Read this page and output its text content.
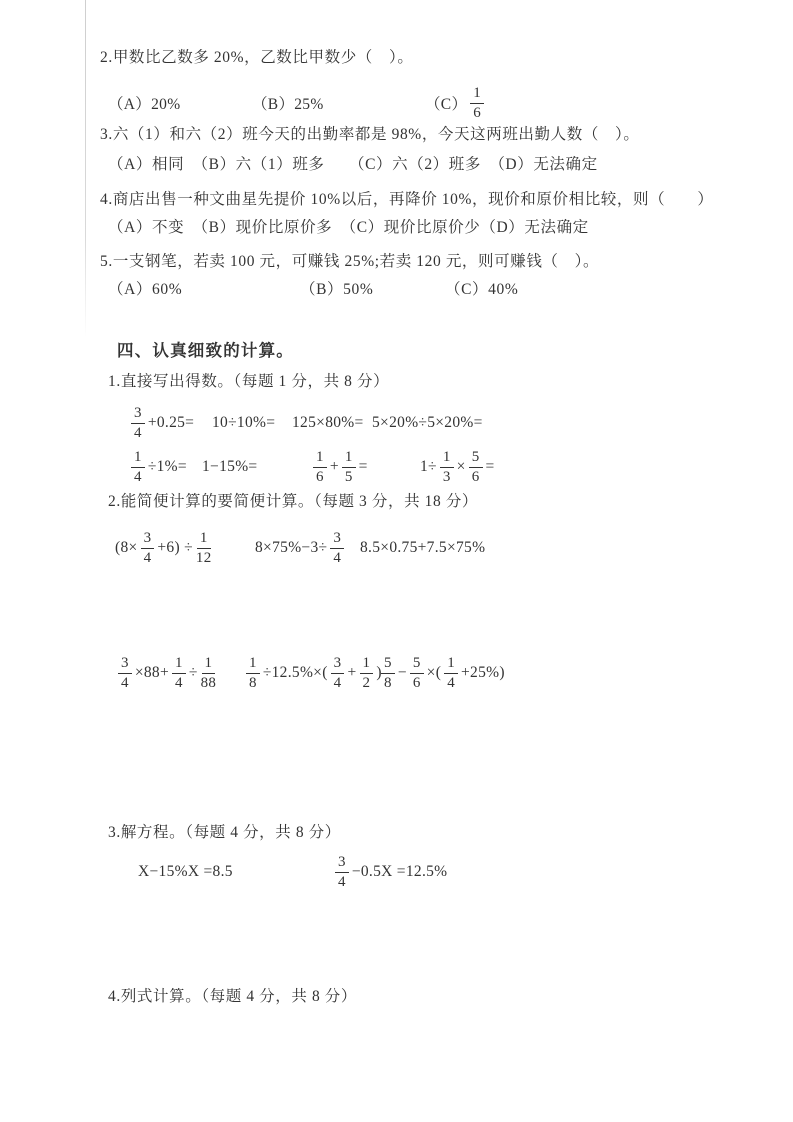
2.甲数比乙数多 20%，乙数比甲数少（　）。
（A）20%	（B）25%	$(C) \frac{1}{6}$
3.六（1）和六（2）班今天的出勤率都是 98%，今天这两班出勤人数（　）。
（A）相同　（B）六（1）班多　　（C）六（2）班多　（D）无法确定
4.商店出售一种文曲星先提价 10%以后，再降价 10%，现价和原价相比较，则（　　）
（A）不变　（B）现价比原价多　（C）现价比原价少（D）无法确定
5.一支钢笔，若卖 100 元，可赚钱 25%;若卖 120 元，则可赚钱（　）。
（A）60%	（B）50%	（C）40%
四、认真细致的计算。
1.直接写出得数。（每题 1 分，共 8 分）
$\frac{3}{4} +0.25= 10\div 10\%= 125\times 80\%= 5\times 20\%\div 5\times 20\%=$
$\frac{1}{4} \div 1\%= 1-15\%=$	$\frac{1}{6} + \frac{1}{5}$ =	$1\div \frac{1}{3} \times \frac{5}{6}$ =
2.能简便计算的要简便计算。（每题 3 分，共 18 分）
$(8\times \frac{3}{4} +6) \div \frac{1}{12}$	$8\times 75\%-3\div \frac{3}{4} 8.5\times 0.75+7.5\times 75\%$
$\frac{3}{4} \times 88+ \frac{1}{4} \div \frac{1}{88} \frac{1}{8} \div 12.5\%\times( \frac{3}{4} + \frac{1}{2}$ ) $\frac{5}{8} - \frac{5}{6}$ ×( $\frac{1}{4} +25\%$)
3.解方程。（每题 4 分，共 8 分）
X−15%X =8.5	$\frac{3}{4} -0.5X =12.5\%$
4.列式计算。（每题 4 分，共 8 分）
